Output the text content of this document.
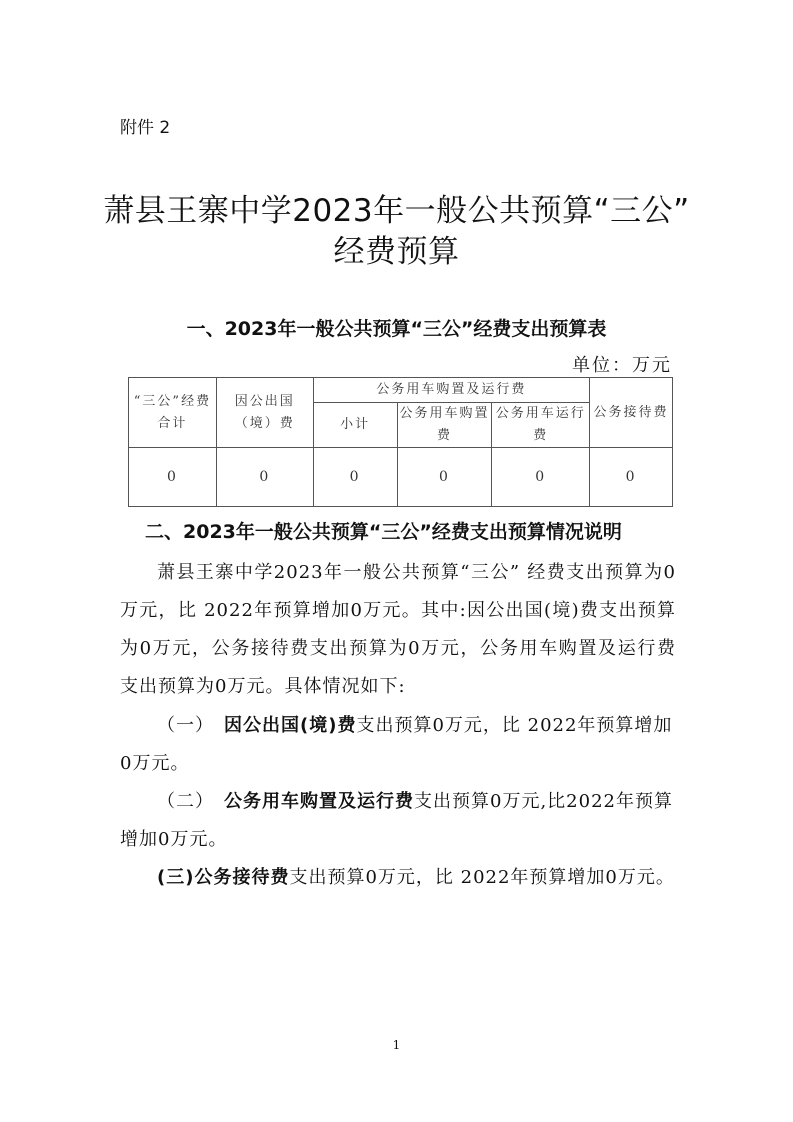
附件 2
萧县王寨中学2023年一般公共预算“三公”
经费预算
一、2023年一般公共预算“三公”经费支出预算表
单位：万元
“三公”经费合计	因公出国（境）费	公务用车购置及运行费			公务接待费
		小计	公务用车购置费	公务用车运行费	
0	0	0	0	0	0
二、2023年一般公共预算“三公”经费支出预算情况说明
萧县王寨中学2023年一般公共预算“三公” 经费支出预算为0万元，比 2022年预算增加0万元。其中:因公出国(境)费支出预算为0万元，公务接待费支出预算为0万元，公务用车购置及运行费支出预算为0万元。具体情况如下:
（一）　因公出国(境)费支出预算0万元，比 2022年预算增加0万元。
（二）　公务用车购置及运行费支出预算0万元,比2022年预算增加0万元。
(三)公务接待费支出预算0万元，比 2022年预算增加0万元。
1
